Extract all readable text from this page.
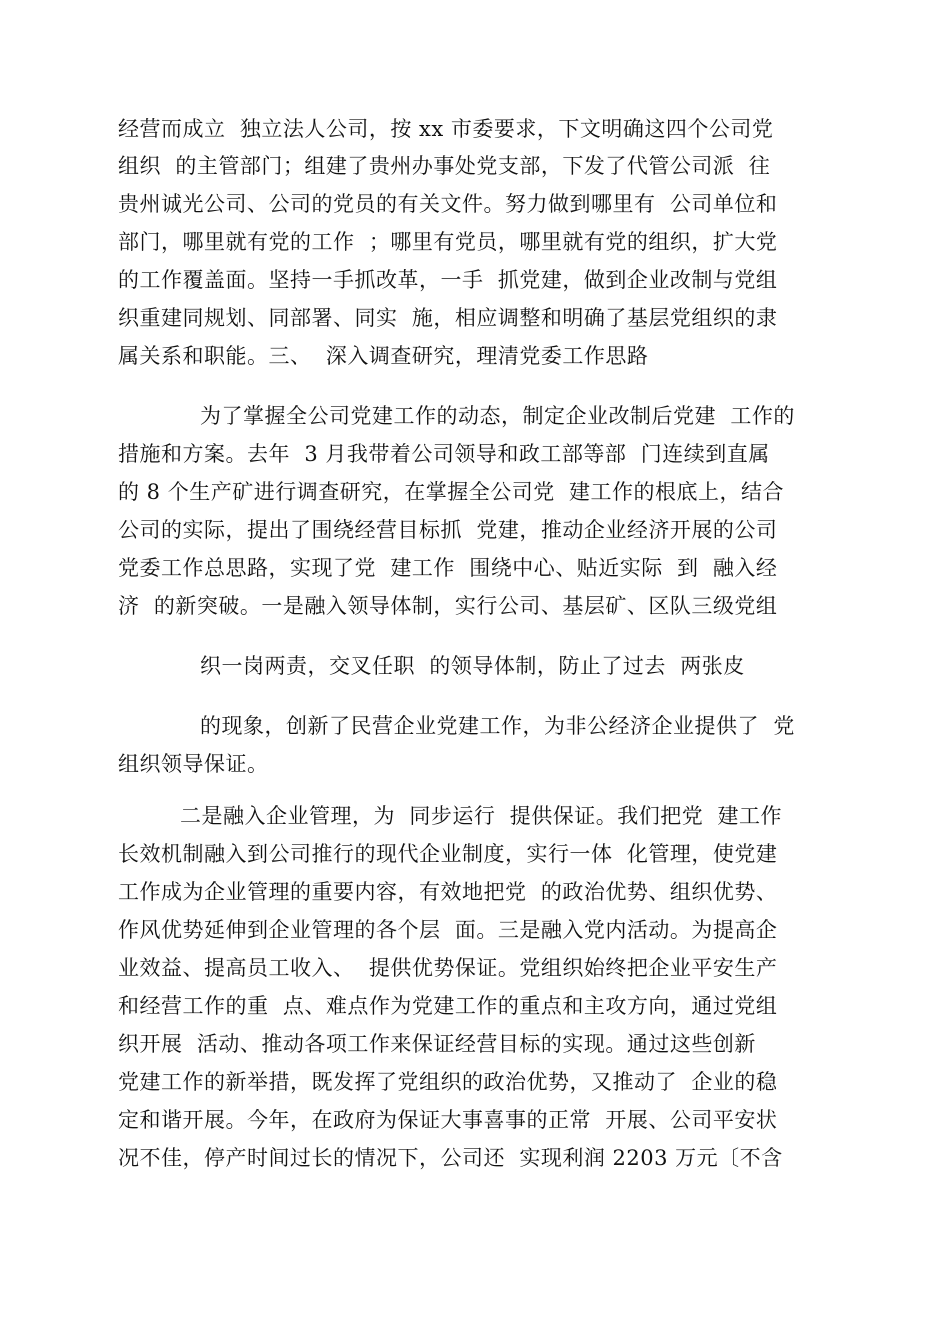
经营而成立  独立法人公司，按 xx 市委要求，下文明确这四个公司党
组织  的主管部门；组建了贵州办事处党支部，下发了代管公司派  往
贵州诚光公司、公司的党员的有关文件。努力做到哪里有  公司单位和
部门，哪里就有党的工作  ；哪里有党员，哪里就有党的组织，扩大党
的工作覆盖面。坚持一手抓改革，一手  抓党建，做到企业改制与党组
织重建同规划、同部署、同实  施，相应调整和明确了基层党组织的隶
属关系和职能。三、  深入调查研究，理清党委工作思路
为了掌握全公司党建工作的动态，制定企业改制后党建  工作的
措施和方案。去年  3 月我带着公司领导和政工部等部  门连续到直属
的 8 个生产矿进行调查研究，在掌握全公司党  建工作的根底上，结合
公司的实际，提出了围绕经营目标抓  党建，推动企业经济开展的公司
党委工作总思路，实现了党  建工作  围绕中心、贴近实际  到  融入经
济  的新突破。一是融入领导体制，实行公司、基层矿、区队三级党组
织一岗两责，交叉任职  的领导体制，防止了过去  两张皮
的现象，创新了民营企业党建工作，为非公经济企业提供了  党
组织领导保证。
二是融入企业管理，为  同步运行  提供保证。我们把党  建工作
长效机制融入到公司推行的现代企业制度，实行一体  化管理，使党建
工作成为企业管理的重要内容，有效地把党  的政治优势、组织优势、
作风优势延伸到企业管理的各个层  面。三是融入党内活动。为提高企
业效益、提高员工收入、  提供优势保证。党组织始终把企业平安生产
和经营工作的重  点、难点作为党建工作的重点和主攻方向，通过党组
织开展  活动、推动各项工作来保证经营目标的实现。通过这些创新
党建工作的新举措，既发挥了党组织的政治优势，又推动了  企业的稳
定和谐开展。今年，在政府为保证大事喜事的正常  开展、公司平安状
况不佳，停产时间过长的情况下，公司还  实现利润 2203 万元〔不含
